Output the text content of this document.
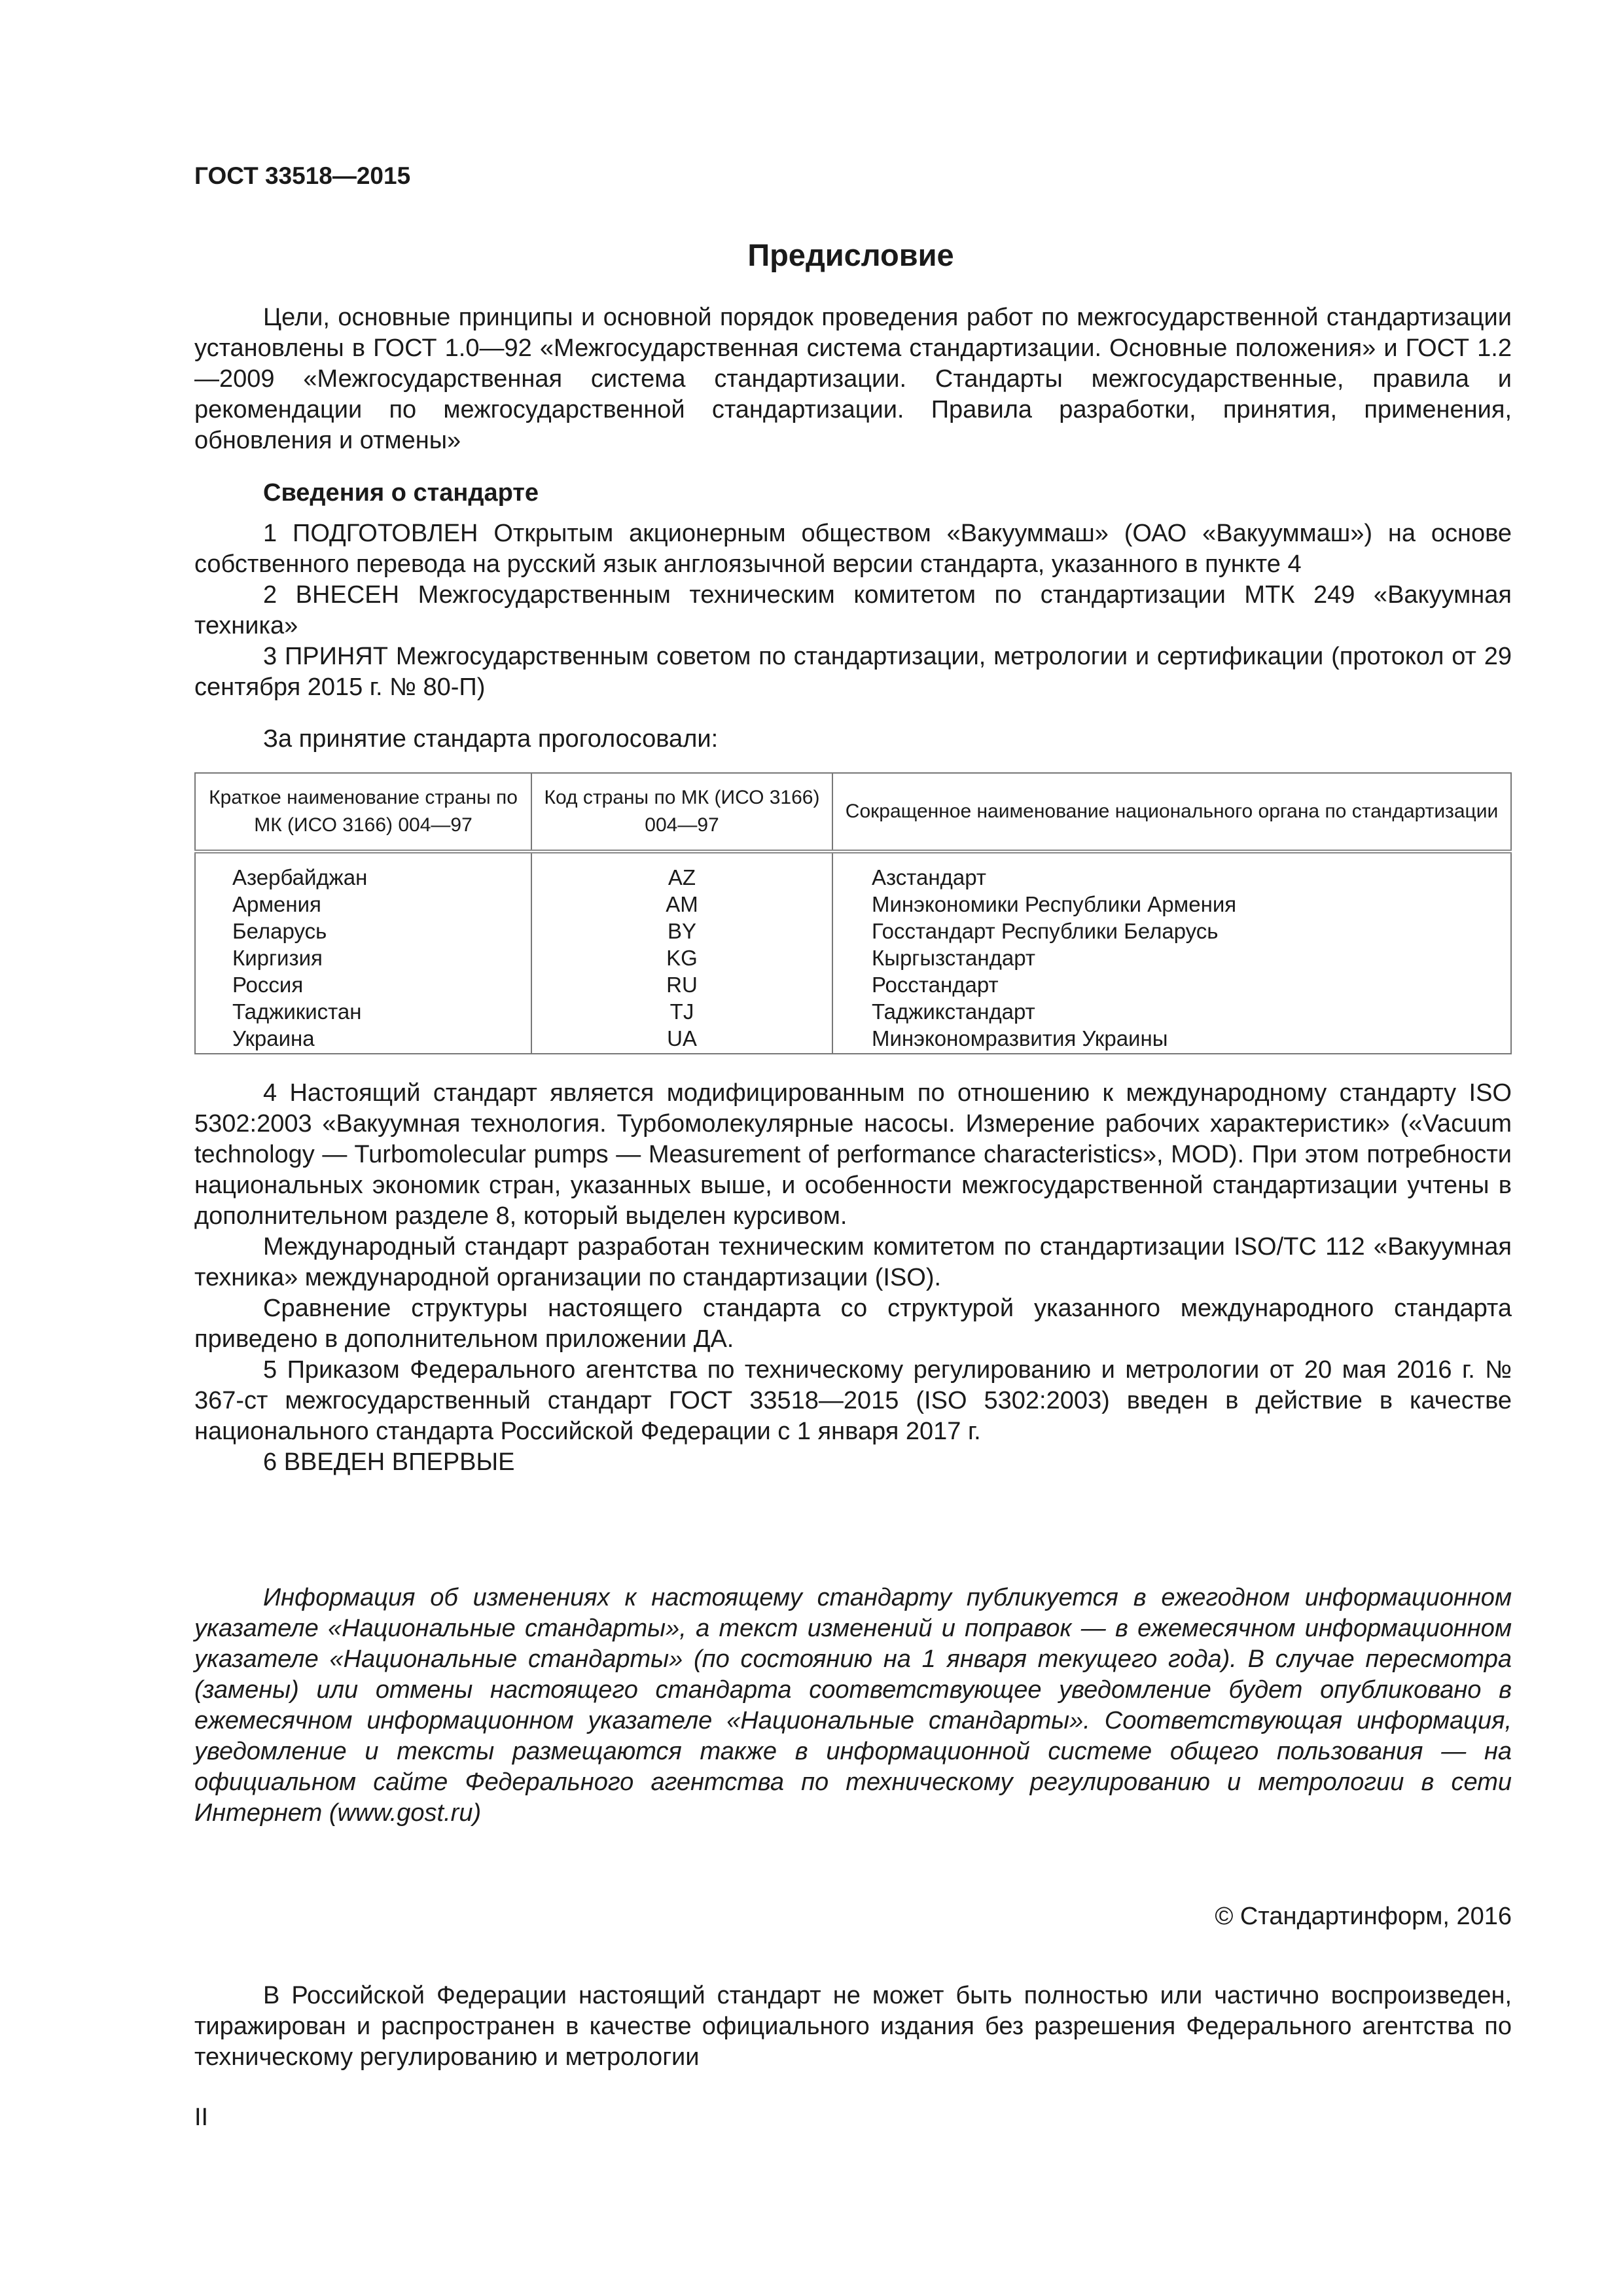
ГОСТ 33518—2015
Предисловие

Цели, основные принципы и основной порядок проведения работ по межгосударственной стандартизации установлены в ГОСТ 1.0—92 «Межгосударственная система стандартизации. Основные положения» и ГОСТ 1.2—2009 «Межгосударственная система стандартизации. Стандарты межгосударственные, правила и рекомендации по межгосударственной стандартизации. Правила разработки, принятия, применения, обновления и отмены»

Сведения о стандарте

1 ПОДГОТОВЛЕН Открытым акционерным обществом «Вакууммаш» (ОАО «Вакууммаш») на основе собственного перевода на русский язык англоязычной версии стандарта, указанного в пункте 4

2 ВНЕСЕН Межгосударственным техническим комитетом по стандартизации МТК 249 «Вакуумная техника»

3 ПРИНЯТ Межгосударственным советом по стандартизации, метрологии и сертификации (протокол от 29 сентября 2015 г. № 80-П)

За принятие стандарта проголосовали:
Краткое наименование страны по МК (ИСО 3166) 004—97	Код страны по МК (ИСО 3166) 004—97	Сокращенное наименование национального органа по стандартизации
Азербайджан	AZ	Азстандарт
Армения	AM	Минэкономики Республики Армения
Беларусь	BY	Госстандарт Республики Беларусь
Киргизия	KG	Кыргызстандарт
Россия	RU	Росстандарт
Таджикистан	TJ	Таджикстандарт
Украина	UA	Минэкономразвития Украины

4 Настоящий стандарт является модифицированным по отношению к международному стандарту ISO 5302:2003 «Вакуумная технология. Турбомолекулярные насосы. Измерение рабочих характеристик» («Vacuum technology — Turbomolecular pumps — Measurement of performance characteristics», MOD). При этом потребности национальных экономик стран, указанных выше, и особенности межгосударственной стандартизации учтены в дополнительном разделе 8, который выделен курсивом.

Международный стандарт разработан техническим комитетом по стандартизации ISO/TC 112 «Вакуумная техника» международной организации по стандартизации (ISO).

Сравнение структуры настоящего стандарта со структурой указанного международного стандарта приведено в дополнительном приложении ДА.

5 Приказом Федерального агентства по техническому регулированию и метрологии от 20 мая 2016 г. № 367-ст межгосударственный стандарт ГОСТ 33518—2015 (ISO 5302:2003) введен в действие в качестве национального стандарта Российской Федерации с 1 января 2017 г.

6 ВВЕДЕН ВПЕРВЫЕ

Информация об изменениях к настоящему стандарту публикуется в ежегодном информационном указателе «Национальные стандарты», а текст изменений и поправок — в ежемесячном информационном указателе «Национальные стандарты» (по состоянию на 1 января текущего года). В случае пересмотра (замены) или отмены настоящего стандарта соответствующее уведомление будет опубликовано в ежемесячном информационном указателе «Национальные стандарты». Соответствующая информация, уведомление и тексты размещаются также в информационной системе общего пользования — на официальном сайте Федерального агентства по техническому регулированию и метрологии в сети Интернет (www.gost.ru)

© Стандартинформ, 2016

В Российской Федерации настоящий стандарт не может быть полностью или частично воспроизведен, тиражирован и распространен в качестве официального издания без разрешения Федерального агентства по техническому регулированию и метрологии

II
